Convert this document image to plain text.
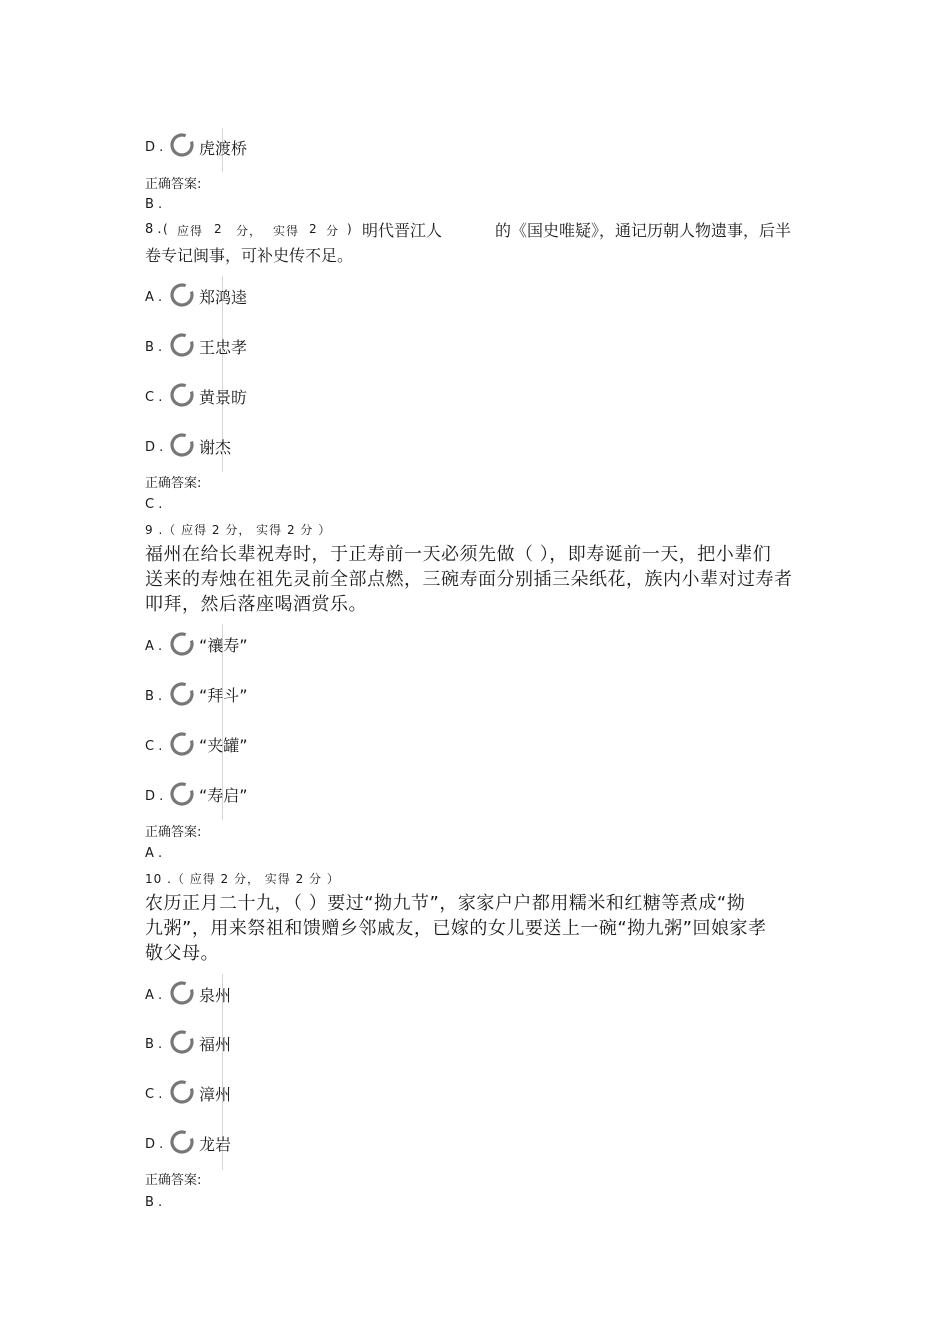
D . 虎渡桥
正确答案:
B .
8 . ( 应得 2 分， 实得 2 分 ) 明代晋江人	的《国史唯疑》，通记历朝人物遗事，后半
卷专记闽事，可补史传不足。
A . 郑鸿逵
B . 王忠孝
C . 黄景昉
D . 谢杰
正确答案:
C .
9 .（ 应得 2 分， 实得 2 分 ）
福州在给长辈祝寿时，于正寿前一天必须先做（ ），即寿诞前一天，把小辈们
送来的寿烛在祖先灵前全部点燃，三碗寿面分别插三朵纸花，族内小辈对过寿者
叩拜，然后落座喝酒赏乐。
A . “禳寿”
B . “拜斗”
C . “夹罐”
D . “寿启”
正确答案:
A .
10 .（ 应得 2 分， 实得 2 分 ）
农历正月二十九，（ ）要过“拗九节”，家家户户都用糯米和红糖等煮成“拗
九粥”，用来祭祖和馈赠乡邻戚友，已嫁的女儿要送上一碗“拗九粥”回娘家孝
敬父母。
A . 泉州
B . 福州
C . 漳州
D . 龙岩
正确答案:
B .
